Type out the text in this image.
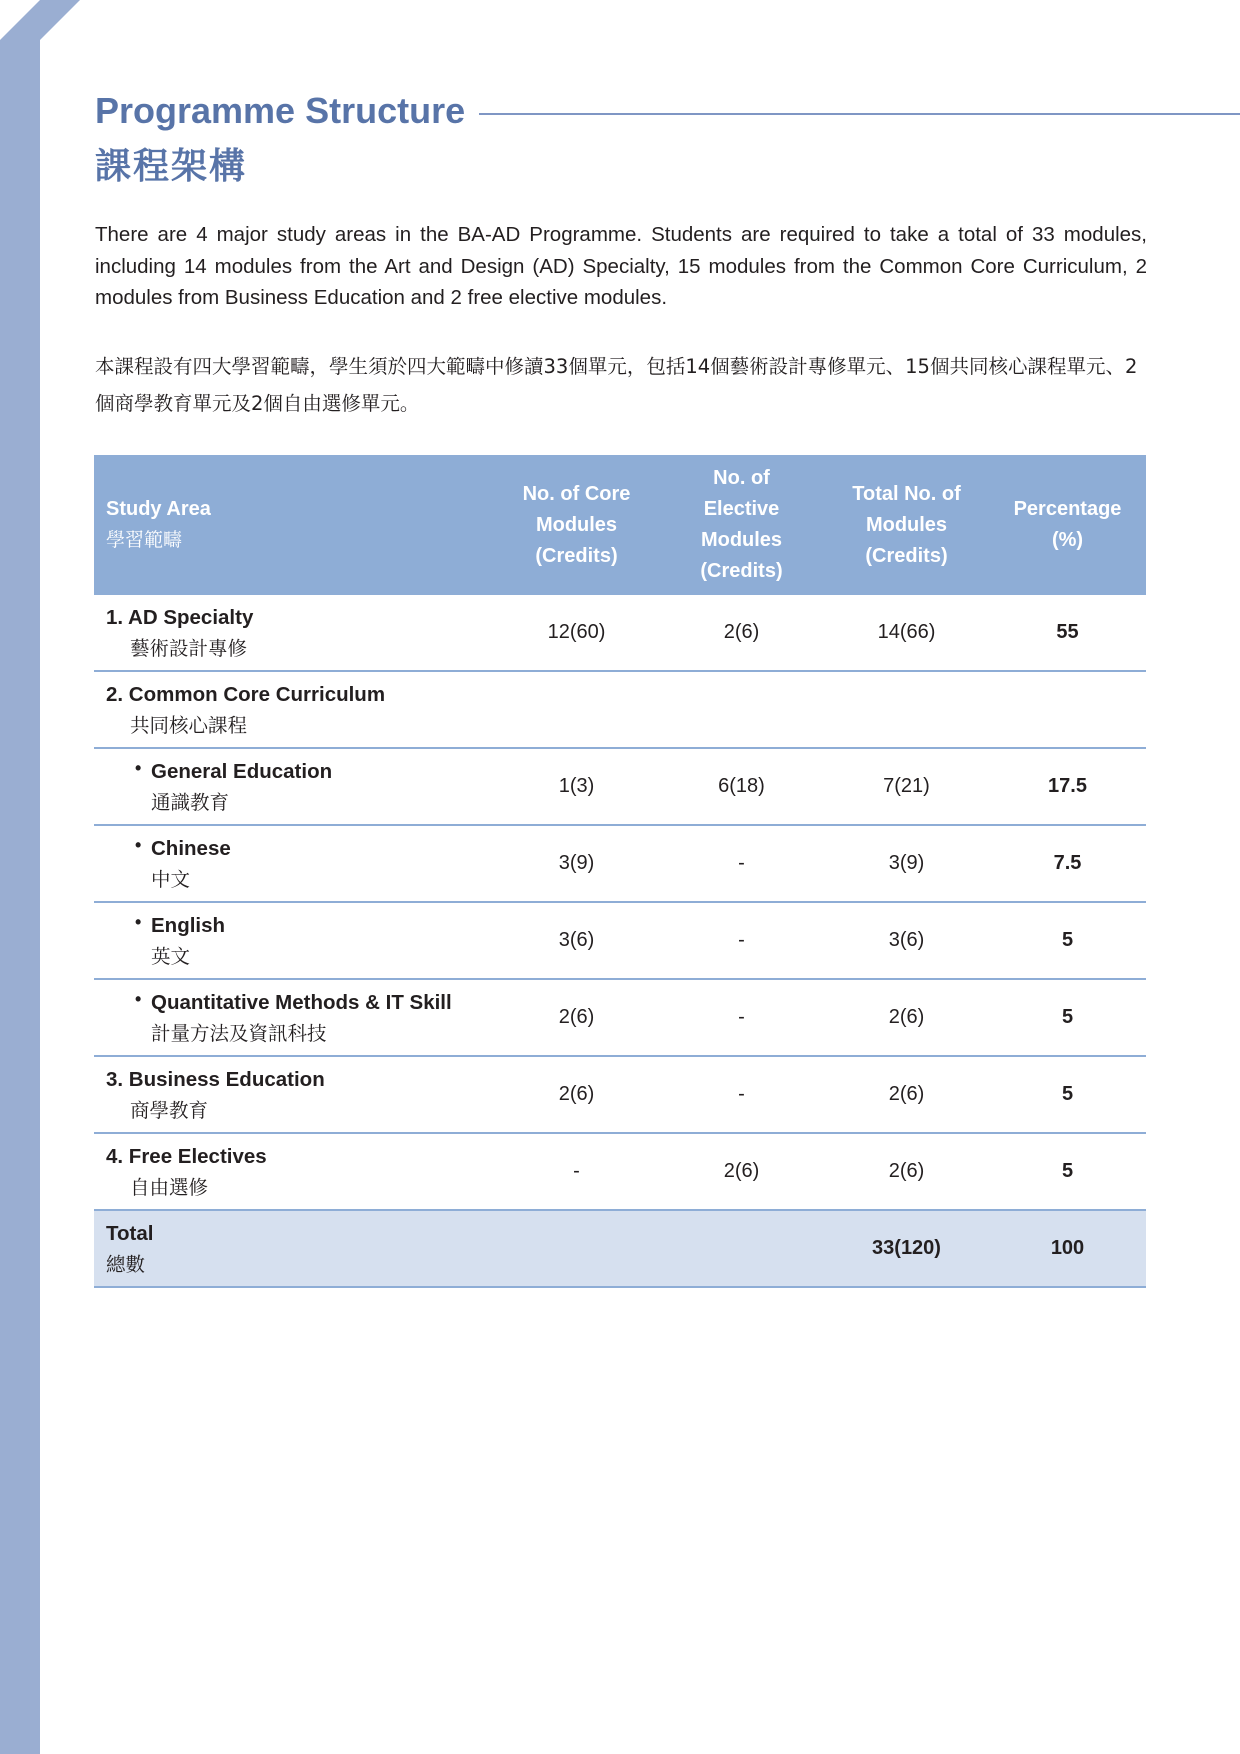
Programme Structure
課程架構

There are 4 major study areas in the BA-AD Programme. Students are required to take a total of 33 modules, including 14 modules from the Art and Design (AD) Specialty, 15 modules from the Common Core Curriculum, 2 modules from Business Education and 2 free elective modules.

本課程設有四大學習範疇，學生須於四大範疇中修讀33個單元，包括14個藝術設計專修單元、15個共同核心課程單元、2個商學教育單元及2個自由選修單元。

Study Area
學習範疇	No. of Core
Modules
(Credits)	No. of
Elective
Modules
(Credits)	Total No. of
Modules
(Credits)	Percentage
(%)

1. AD Specialty
藝術設計專修	12(60)	2(6)	14(66)	55

2. Common Core Curriculum
共同核心課程				

• General Education
通識教育	1(3)	6(18)	7(21)	17.5

• Chinese
中文	3(9)	-	3(9)	7.5

• English
英文	3(6)	-	3(6)	5

• Quantitative Methods & IT Skill
計量方法及資訊科技	2(6)	-	2(6)	5

3. Business Education
商學教育	2(6)	-	2(6)	5

4. Free Electives
自由選修	-	2(6)	2(6)	5

Total
總數			33(120)	100
